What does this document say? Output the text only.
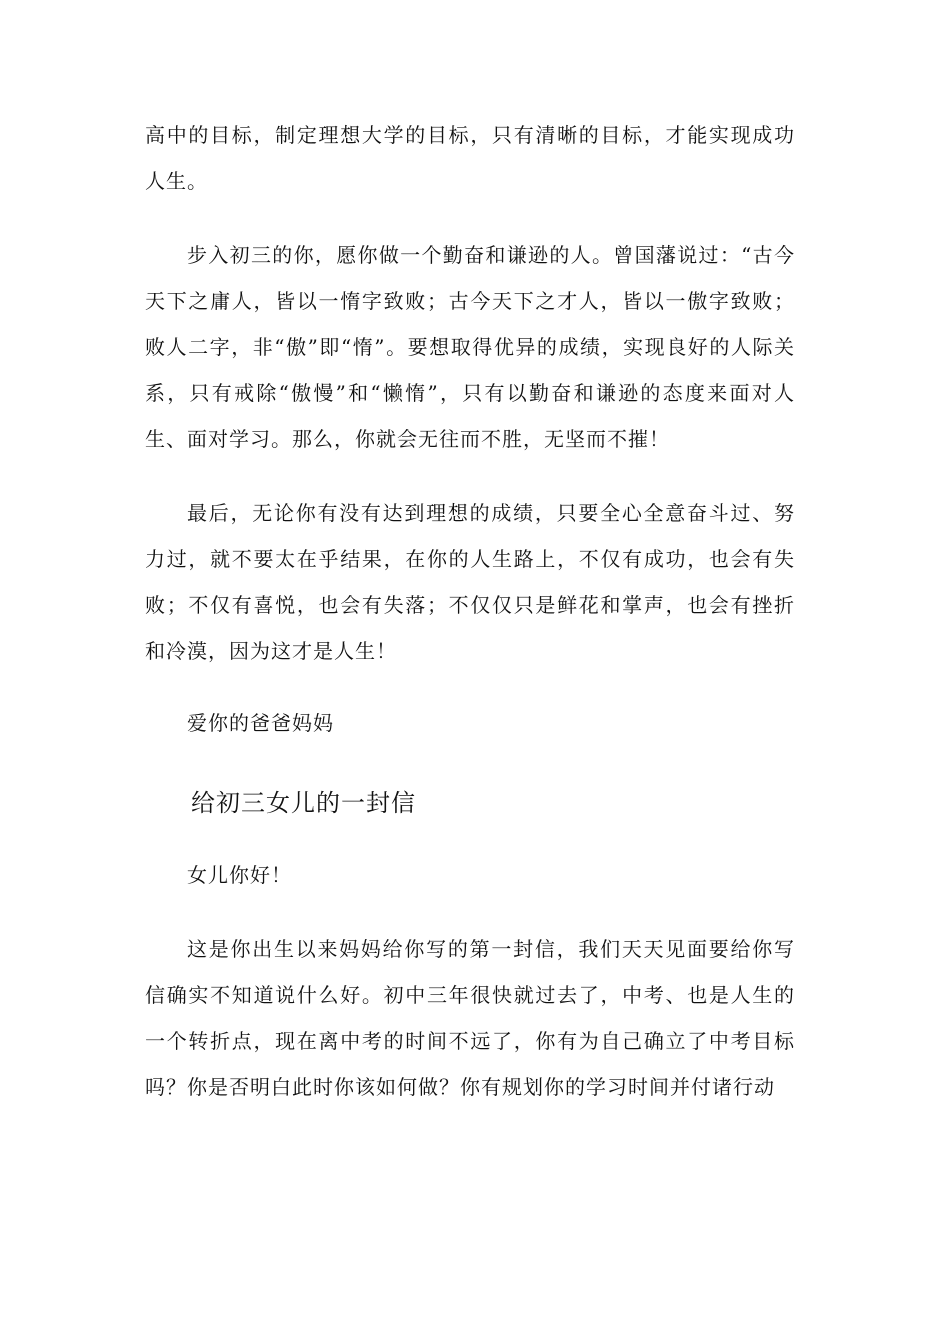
高中的目标，制定理想大学的目标，只有清晰的目标，才能实现成功人生。

步入初三的你，愿你做一个勤奋和谦逊的人。曾国藩说过：“古今天下之庸人，皆以一惰字致败；古今天下之才人，皆以一傲字致败；败人二字，非“傲”即“惰”。要想取得优异的成绩，实现良好的人际关系，只有戒除“傲慢”和“懒惰”，只有以勤奋和谦逊的态度来面对人生、面对学习。那么，你就会无往而不胜，无坚而不摧！

最后，无论你有没有达到理想的成绩，只要全心全意奋斗过、努力过，就不要太在乎结果，在你的人生路上，不仅有成功，也会有失败；不仅有喜悦，也会有失落；不仅仅只是鲜花和掌声，也会有挫折和冷漠，因为这才是人生！

爱你的爸爸妈妈

给初三女儿的一封信

女儿你好！

这是你出生以来妈妈给你写的第一封信，我们天天见面要给你写信确实不知道说什么好。初中三年很快就过去了，中考、也是人生的一个转折点，现在离中考的时间不远了，你有为自己确立了中考目标吗？你是否明白此时你该如何做？你有规划你的学习时间并付诸行动
